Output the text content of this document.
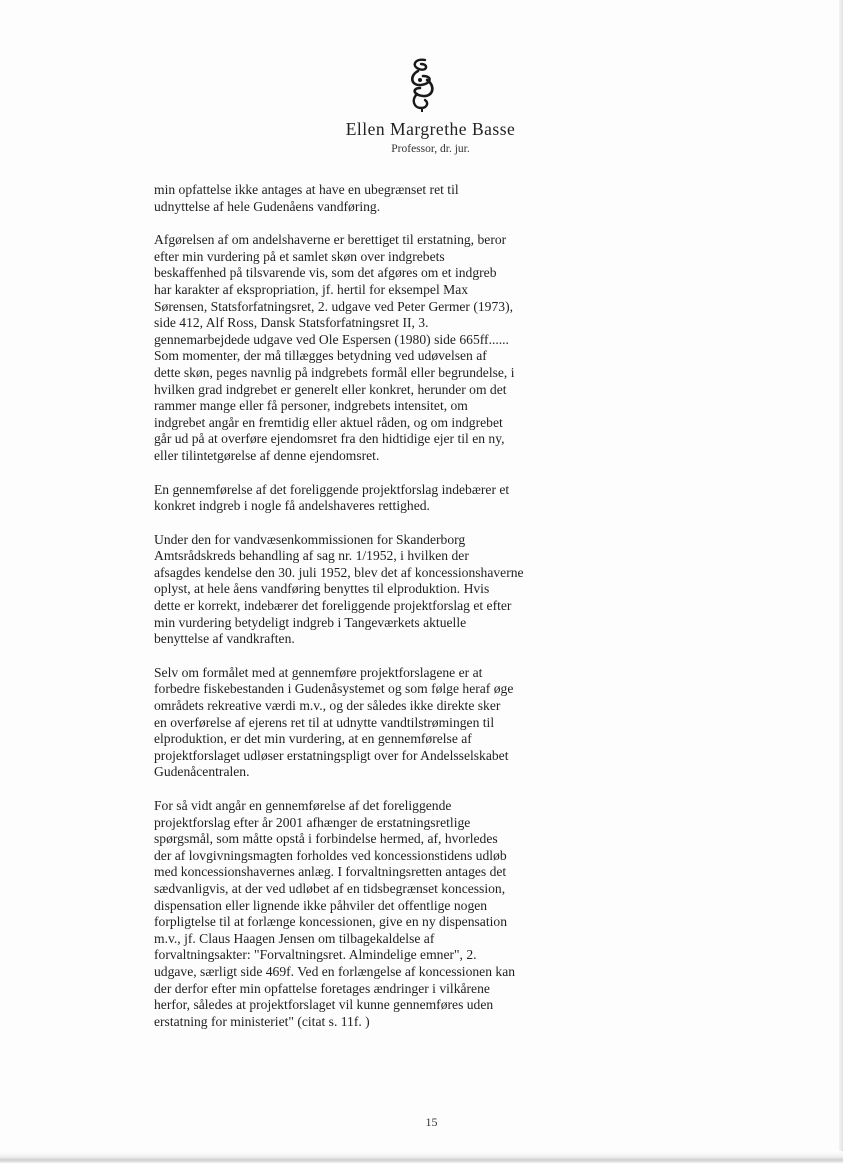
Ellen Margrethe Basse
Professor, dr. jur.

min opfattelse ikke antages at have en ubegrænset ret til
udnyttelse af hele Gudenåens vandføring.

Afgørelsen af om andelshaverne er berettiget til erstatning, beror
efter min vurdering på et samlet skøn over indgrebets
beskaffenhed på tilsvarende vis, som det afgøres om et indgreb
har karakter af ekspropriation, jf. hertil for eksempel Max
Sørensen, Statsforfatningsret, 2. udgave ved Peter Germer (1973),
side 412, Alf Ross, Dansk Statsforfatningsret II, 3.
gennemarbejdede udgave ved Ole Espersen (1980) side 665ff......
Som momenter, der må tillægges betydning ved udøvelsen af
dette skøn, peges navnlig på indgrebets formål eller begrundelse, i
hvilken grad indgrebet er generelt eller konkret, herunder om det
rammer mange eller få personer, indgrebets intensitet, om
indgrebet angår en fremtidig eller aktuel råden, og om indgrebet
går ud på at overføre ejendomsret fra den hidtidige ejer til en ny,
eller tilintetgørelse af denne ejendomsret.

En gennemførelse af det foreliggende projektforslag indebærer et
konkret indgreb i nogle få andelshaveres rettighed.

Under den for vandvæsenkommissionen for Skanderborg
Amtsrådskreds behandling af sag nr. 1/1952, i hvilken der
afsagdes kendelse den 30. juli 1952, blev det af koncessionshaverne
oplyst, at hele åens vandføring benyttes til elproduktion. Hvis
dette er korrekt, indebærer det foreliggende projektforslag et efter
min vurdering betydeligt indgreb i Tangeværkets aktuelle
benyttelse af vandkraften.

Selv om formålet med at gennemføre projektforslagene er at
forbedre fiskebestanden i Gudenåsystemet og som følge heraf øge
områdets rekreative værdi m.v., og der således ikke direkte sker
en overførelse af ejerens ret til at udnytte vandtilstrømingen til
elproduktion, er det min vurdering, at en gennemførelse af
projektforslaget udløser erstatningspligt over for Andelsselskabet
Gudenåcentralen.

For så vidt angår en gennemførelse af det foreliggende
projektforslag efter år 2001 afhænger de erstatningsretlige
spørgsmål, som måtte opstå i forbindelse hermed, af, hvorledes
der af lovgivningsmagten forholdes ved koncessionstidens udløb
med koncessionshavernes anlæg. I forvaltningsretten antages det
sædvanligvis, at der ved udløbet af en tidsbegrænset koncession,
dispensation eller lignende ikke påhviler det offentlige nogen
forpligtelse til at forlænge koncessionen, give en ny dispensation
m.v., jf. Claus Haagen Jensen om tilbagekaldelse af
forvaltningsakter: "Forvaltningsret. Almindelige emner", 2.
udgave, særligt side 469f. Ved en forlængelse af koncessionen kan
der derfor efter min opfattelse foretages ændringer i vilkårene
herfor, således at projektforslaget vil kunne gennemføres uden
erstatning for ministeriet" (citat s. 11f. )

15
